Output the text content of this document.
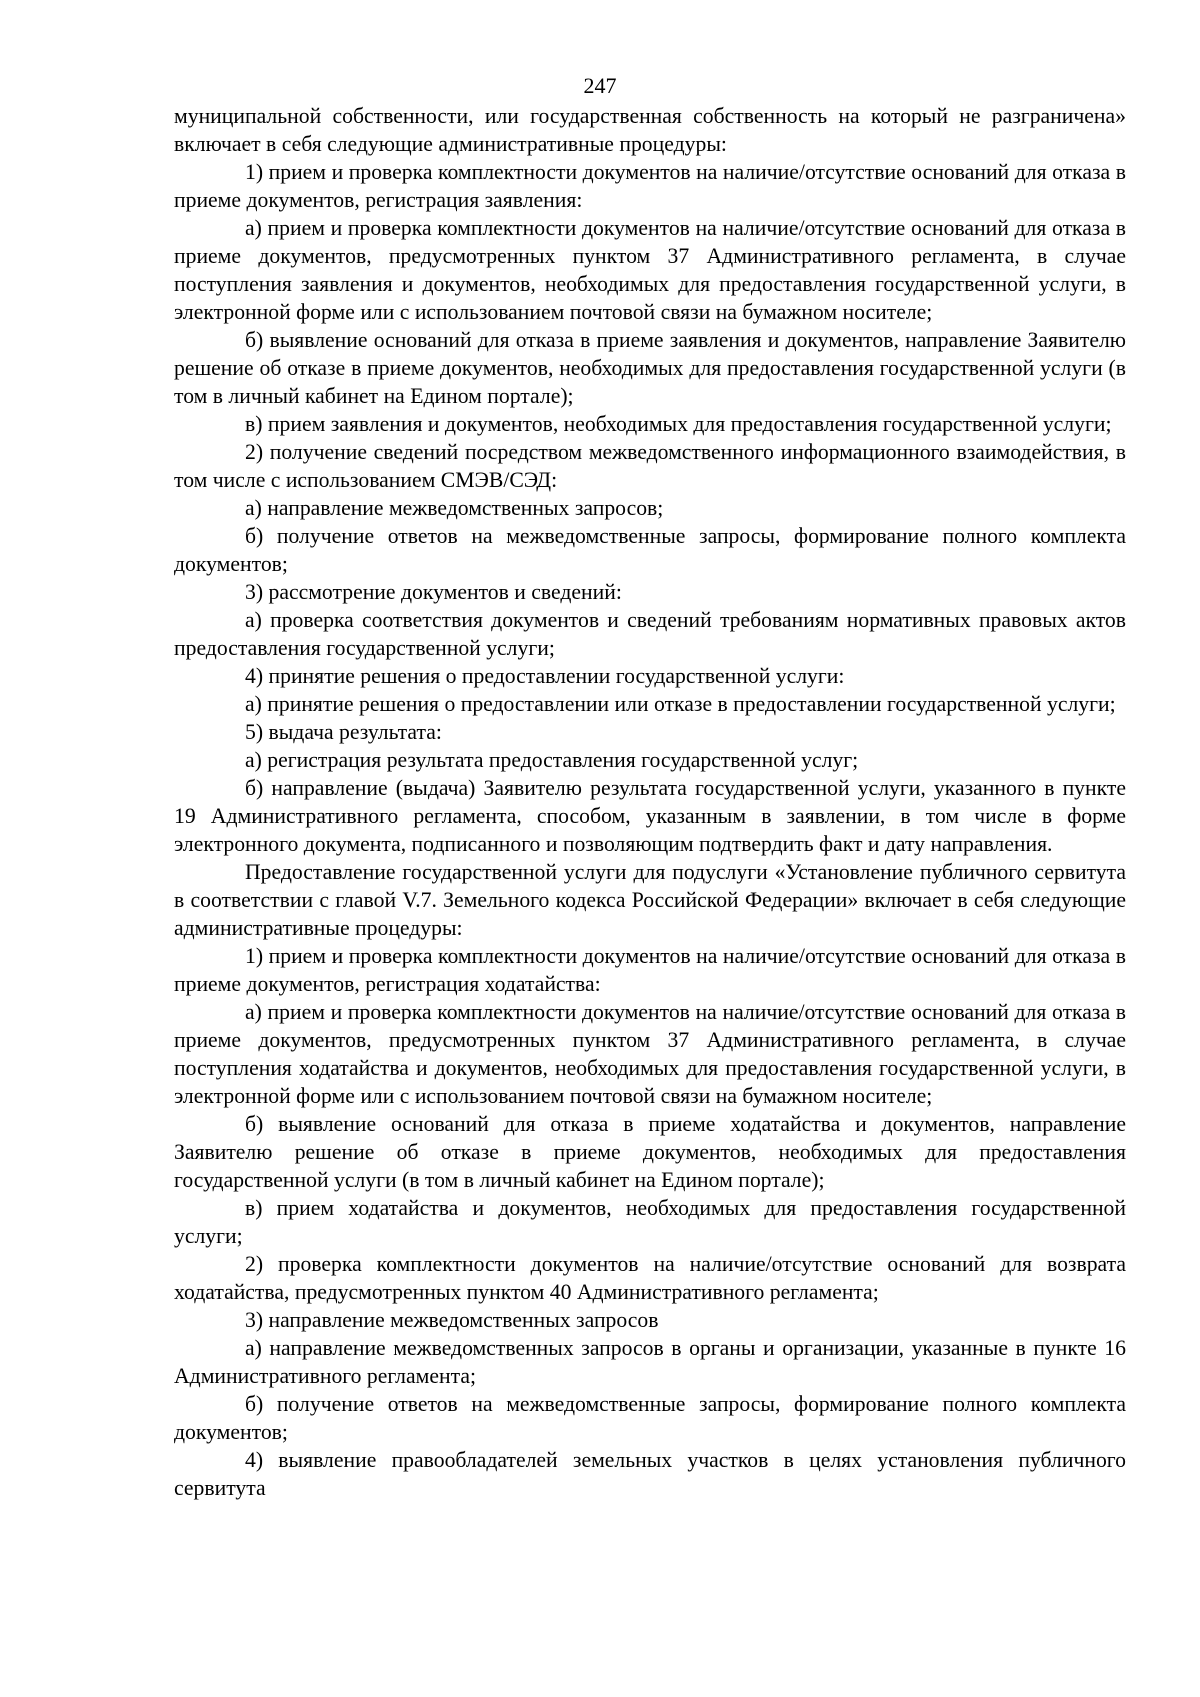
247

муниципальной собственности, или государственная собственность на который не разграничена» включает в себя следующие административные процедуры:

1) прием и проверка комплектности документов на наличие/отсутствие оснований для отказа в приеме документов, регистрация заявления:

а) прием и проверка комплектности документов на наличие/отсутствие оснований для отказа в приеме документов, предусмотренных пунктом 37 Административного регламента, в случае поступления заявления и документов, необходимых для предоставления государственной услуги, в электронной форме или с использованием почтовой связи на бумажном носителе;

б) выявление оснований для отказа в приеме заявления и документов, направление Заявителю решение об отказе в приеме документов, необходимых для предоставления государственной услуги (в том в личный кабинет на Едином портале);

в) прием заявления и документов, необходимых для предоставления государственной услуги;

2) получение сведений посредством межведомственного информационного взаимодействия, в том числе с использованием СМЭВ/СЭД:

а) направление межведомственных запросов;

б) получение ответов на межведомственные запросы, формирование полного комплекта документов;

3) рассмотрение документов и сведений:

а) проверка соответствия документов и сведений требованиям нормативных правовых актов предоставления государственной услуги;

4) принятие решения о предоставлении государственной услуги:

а) принятие решения о предоставлении или отказе в предоставлении государственной услуги;

5) выдача результата:

а) регистрация результата предоставления государственной услуг;

б) направление (выдача) Заявителю результата государственной услуги, указанного в пункте 19 Административного регламента, способом, указанным в заявлении, в том числе в форме электронного документа, подписанного и позволяющим подтвердить факт и дату направления.

Предоставление государственной услуги для подуслуги «Установление публичного сервитута в соответствии с главой V.7. Земельного кодекса Российской Федерации» включает в себя следующие административные процедуры:

1) прием и проверка комплектности документов на наличие/отсутствие оснований для отказа в приеме документов, регистрация ходатайства:

а) прием и проверка комплектности документов на наличие/отсутствие оснований для отказа в приеме документов, предусмотренных пунктом 37 Административного регламента, в случае поступления ходатайства и документов, необходимых для предоставления государственной услуги, в электронной форме или с использованием почтовой связи на бумажном носителе;

б) выявление оснований для отказа в приеме ходатайства и документов, направление Заявителю решение об отказе в приеме документов, необходимых для предоставления государственной услуги (в том в личный кабинет на Едином портале);

в) прием ходатайства и документов, необходимых для предоставления государственной услуги;

2) проверка комплектности документов на наличие/отсутствие оснований для возврата ходатайства, предусмотренных пунктом 40 Административного регламента;

3) направление межведомственных запросов

а) направление межведомственных запросов в органы и организации, указанные в пункте 16 Административного регламента;

б) получение ответов на межведомственные запросы, формирование полного комплекта документов;

4) выявление правообладателей земельных участков в целях установления публичного сервитута
